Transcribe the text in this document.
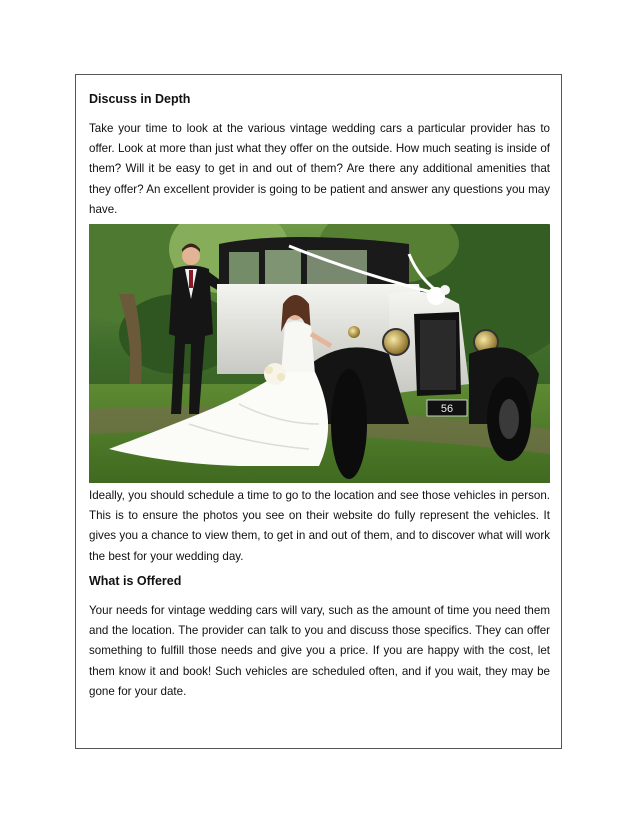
Discuss in Depth

Take your time to look at the various vintage wedding cars a particular provider has to offer. Look at more than just what they offer on the outside. How much seating is inside of them? Will it be easy to get in and out of them? Are there any additional amenities that they offer? An excellent provider is going to be patient and answer any questions you may have.

56

Ideally, you should schedule a time to go to the location and see those vehicles in person. This is to ensure the photos you see on their website do fully represent the vehicles. It gives you a chance to view them, to get in and out of them, and to discover what will work the best for your wedding day.

What is Offered

Your needs for vintage wedding cars will vary, such as the amount of time you need them and the location. The provider can talk to you and discuss those specifics. They can offer something to fulfill those needs and give you a price. If you are happy with the cost, let them know it and book! Such vehicles are scheduled often, and if you wait, they may be gone for your date.
